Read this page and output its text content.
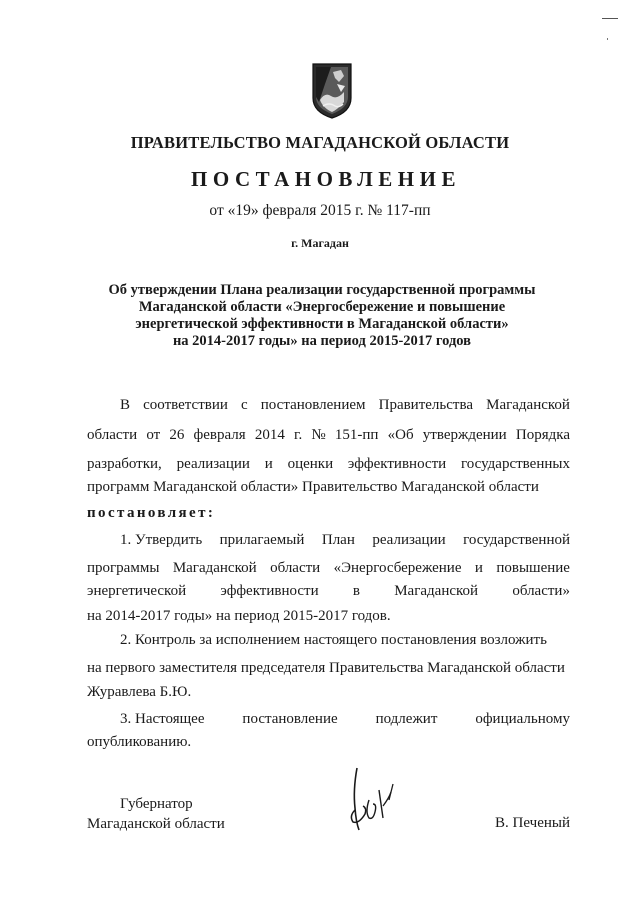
ПРАВИТЕЛЬСТВО МАГАДАНСКОЙ ОБЛАСТИ
ПОСТАНОВЛЕНИЕ
от «19» февраля 2015 г. № 117-пп
г. Магадан
Об утверждении Плана реализации государственной программы
Магаданской области «Энергосбережение и повышение
энергетической эффективности в Магаданской области»
на 2014-2017 годы» на период 2015-2017 годов
В соответствии с постановлением Правительства Магаданской
области от 26 февраля 2014 г. № 151-пп «Об утверждении Порядка
разработки, реализации и оценки эффективности государственных
программ Магаданской области» Правительство Магаданской области
постановляет:
1. Утвердить прилагаемый План реализации государственной
программы Магаданской области «Энергосбережение и повышение
энергетической эффективности в Магаданской области»
на 2014-2017 годы» на период 2015-2017 годов.
2. Контроль за исполнением настоящего постановления возложить
на первого заместителя председателя Правительства Магаданской области
Журавлева Б.Ю.
3. Настоящее	постановление	подлежит	официальному
опубликованию.
Губернатор
Магаданской области	В. Печеный
